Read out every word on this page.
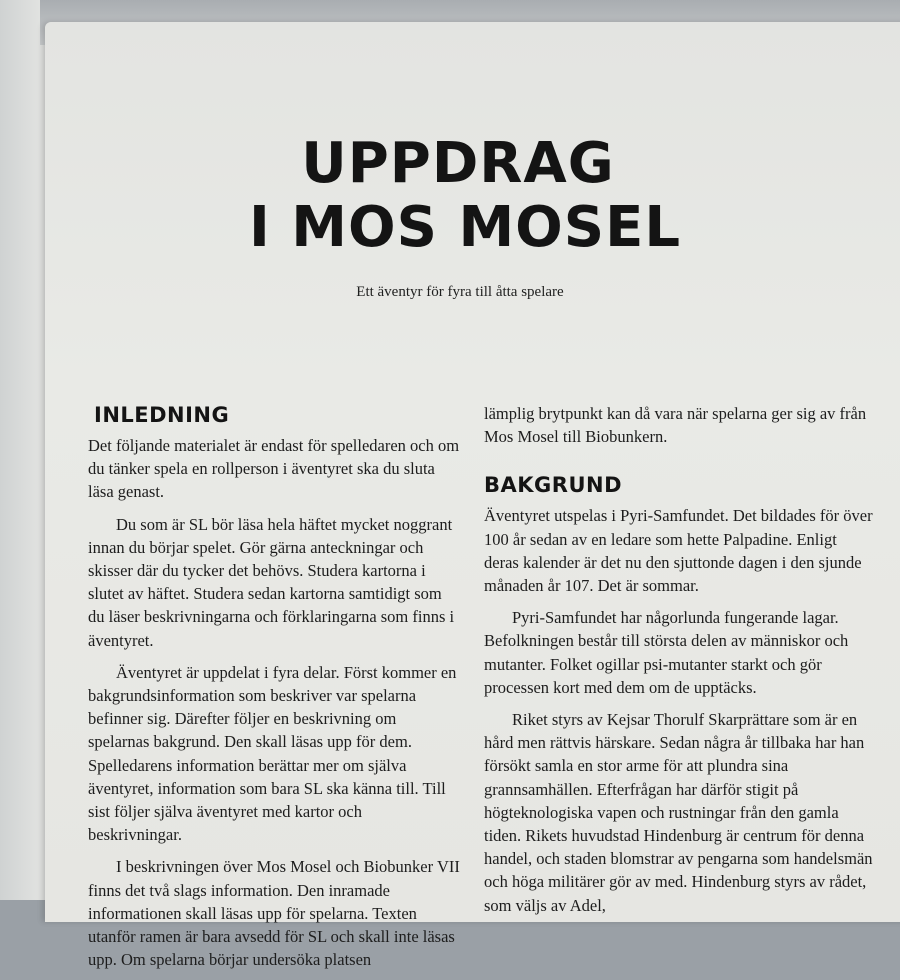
UPPDRAG
I MOS MOSEL
Ett äventyr för fyra till åtta spelare
INLEDNING

Det följande materialet är endast för spelledaren och om du tänker spela en rollperson i äventyret ska du sluta läsa genast.

Du som är SL bör läsa hela häftet mycket noggrant innan du börjar spelet. Gör gärna anteckningar och skisser där du tycker det behövs. Studera kartorna i slutet av häftet. Studera sedan kartorna samtidigt som du läser beskrivningarna och förklaringarna som finns i äventyret.

Äventyret är uppdelat i fyra delar. Först kommer en bakgrundsinformation som beskriver var spelarna befinner sig. Därefter följer en beskrivning om spelarnas bakgrund. Den skall läsas upp för dem. Spelledarens information berättar mer om själva äventyret, information som bara SL ska känna till. Till sist följer själva äventyret med kartor och beskrivningar.

I beskrivningen över Mos Mosel och Biobunker VII finns det två slags information. Den inramade informationen skall läsas upp för spelarna. Texten utanför ramen är bara avsedd för SL och skall inte läsas upp. Om spelarna börjar undersöka platsen

lämplig brytpunkt kan då vara när spelarna ger sig av från Mos Mosel till Biobunkern.

BAKGRUND

Äventyret utspelas i Pyri-Samfundet. Det bildades för över 100 år sedan av en ledare som hette Palpadine. Enligt deras kalender är det nu den sjuttonde dagen i den sjunde månaden år 107. Det är sommar.

Pyri-Samfundet har någorlunda fungerande lagar. Befolkningen består till största delen av människor och mutanter. Folket ogillar psi-mutanter starkt och gör processen kort med dem om de upptäcks.

Riket styrs av Kejsar Thorulf Skarprättare som är en hård men rättvis härskare. Sedan några år tillbaka har han försökt samla en stor arme för att plundra sina grannsamhällen. Efterfrågan har därför stigit på högteknologiska vapen och rustningar från den gamla tiden. Rikets huvudstad Hindenburg är centrum för denna handel, och staden blomstrar av pengarna som handelsmän och höga militärer gör av med. Hindenburg styrs av rådet, som väljs av Adel,
